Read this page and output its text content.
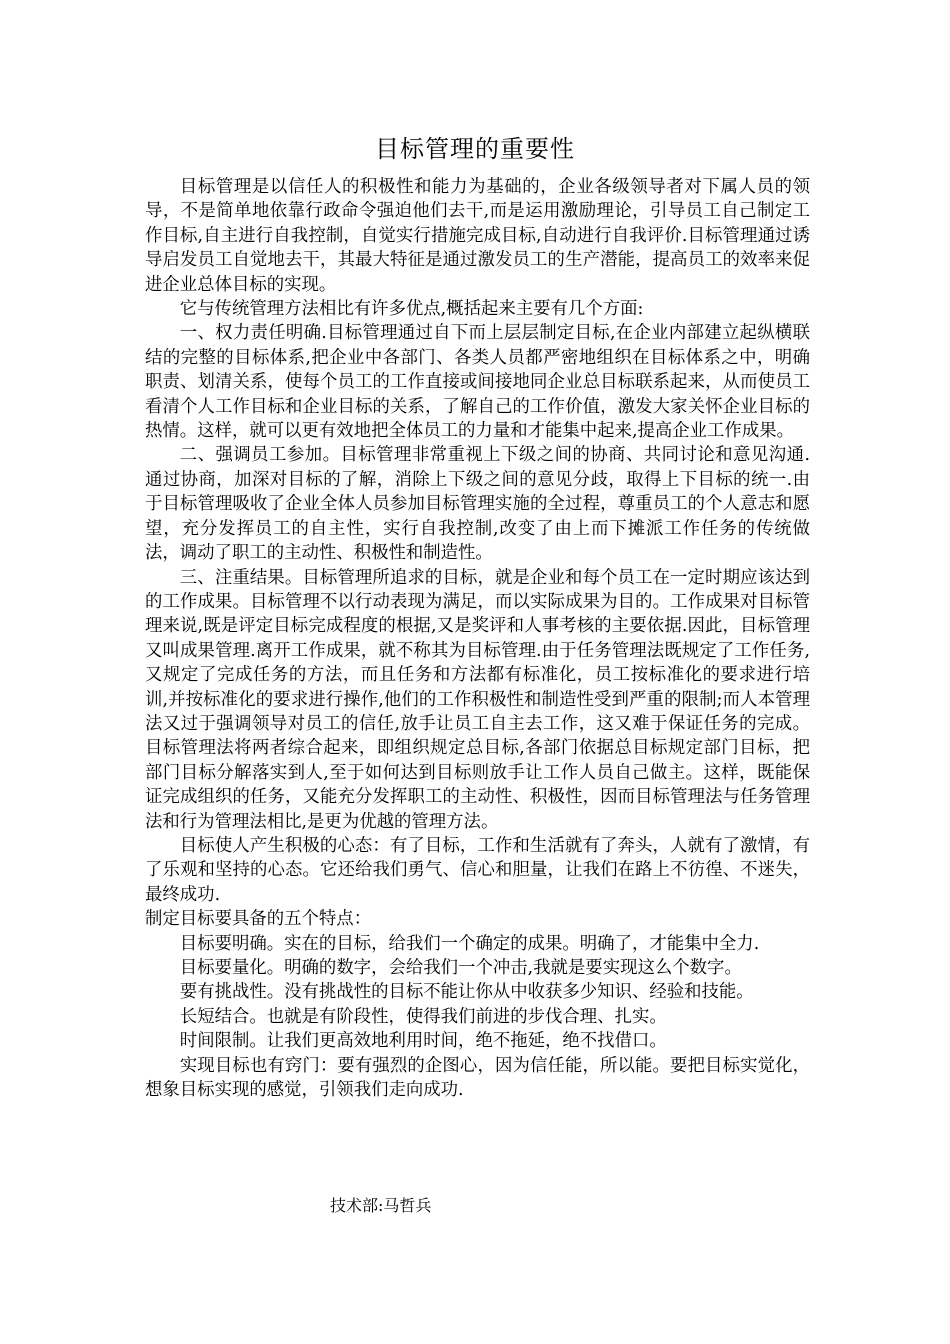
目标管理的重要性

目标管理是以信任人的积极性和能力为基础的，企业各级领导者对下属人员的领导，不是简单地依靠行政命令强迫他们去干,而是运用激励理论，引导员工自己制定工作目标,自主进行自我控制，自觉实行措施完成目标,自动进行自我评价.目标管理通过诱导启发员工自觉地去干，其最大特征是通过激发员工的生产潜能，提高员工的效率来促进企业总体目标的实现。

它与传统管理方法相比有许多优点,概括起来主要有几个方面:

一、权力责任明确.目标管理通过自下而上层层制定目标,在企业内部建立起纵横联结的完整的目标体系,把企业中各部门、各类人员都严密地组织在目标体系之中，明确职责、划清关系，使每个员工的工作直接或间接地同企业总目标联系起来，从而使员工看清个人工作目标和企业目标的关系，了解自己的工作价值，激发大家关怀企业目标的热情。这样，就可以更有效地把全体员工的力量和才能集中起来,提高企业工作成果。

二、强调员工参加。目标管理非常重视上下级之间的协商、共同讨论和意见沟通.通过协商，加深对目标的了解，消除上下级之间的意见分歧，取得上下目标的统一.由于目标管理吸收了企业全体人员参加目标管理实施的全过程，尊重员工的个人意志和愿望，充分发挥员工的自主性，实行自我控制,改变了由上而下摊派工作任务的传统做法，调动了职工的主动性、积极性和制造性。

三、注重结果。目标管理所追求的目标，就是企业和每个员工在一定时期应该达到的工作成果。目标管理不以行动表现为满足，而以实际成果为目的。工作成果对目标管理来说,既是评定目标完成程度的根据,又是奖评和人事考核的主要依据.因此，目标管理又叫成果管理.离开工作成果，就不称其为目标管理.由于任务管理法既规定了工作任务,又规定了完成任务的方法，而且任务和方法都有标准化，员工按标准化的要求进行培训,并按标准化的要求进行操作,他们的工作积极性和制造性受到严重的限制;而人本管理法又过于强调领导对员工的信任,放手让员工自主去工作，这又难于保证任务的完成。目标管理法将两者综合起来，即组织规定总目标,各部门依据总目标规定部门目标，把部门目标分解落实到人,至于如何达到目标则放手让工作人员自己做主。这样，既能保证完成组织的任务，又能充分发挥职工的主动性、积极性，因而目标管理法与任务管理法和行为管理法相比,是更为优越的管理方法。

目标使人产生积极的心态：有了目标，工作和生活就有了奔头，人就有了激情，有了乐观和坚持的心态。它还给我们勇气、信心和胆量，让我们在路上不彷徨、不迷失，最终成功.

制定目标要具备的五个特点：

目标要明确。实在的目标，给我们一个确定的成果。明确了，才能集中全力.

目标要量化。明确的数字，会给我们一个冲击,我就是要实现这么个数字。

要有挑战性。没有挑战性的目标不能让你从中收获多少知识、经验和技能。

长短结合。也就是有阶段性，使得我们前进的步伐合理、扎实。

时间限制。让我们更高效地利用时间，绝不拖延，绝不找借口。

实现目标也有窍门：要有强烈的企图心，因为信任能，所以能。要把目标实觉化，想象目标实现的感觉，引领我们走向成功.

技术部:马哲兵
